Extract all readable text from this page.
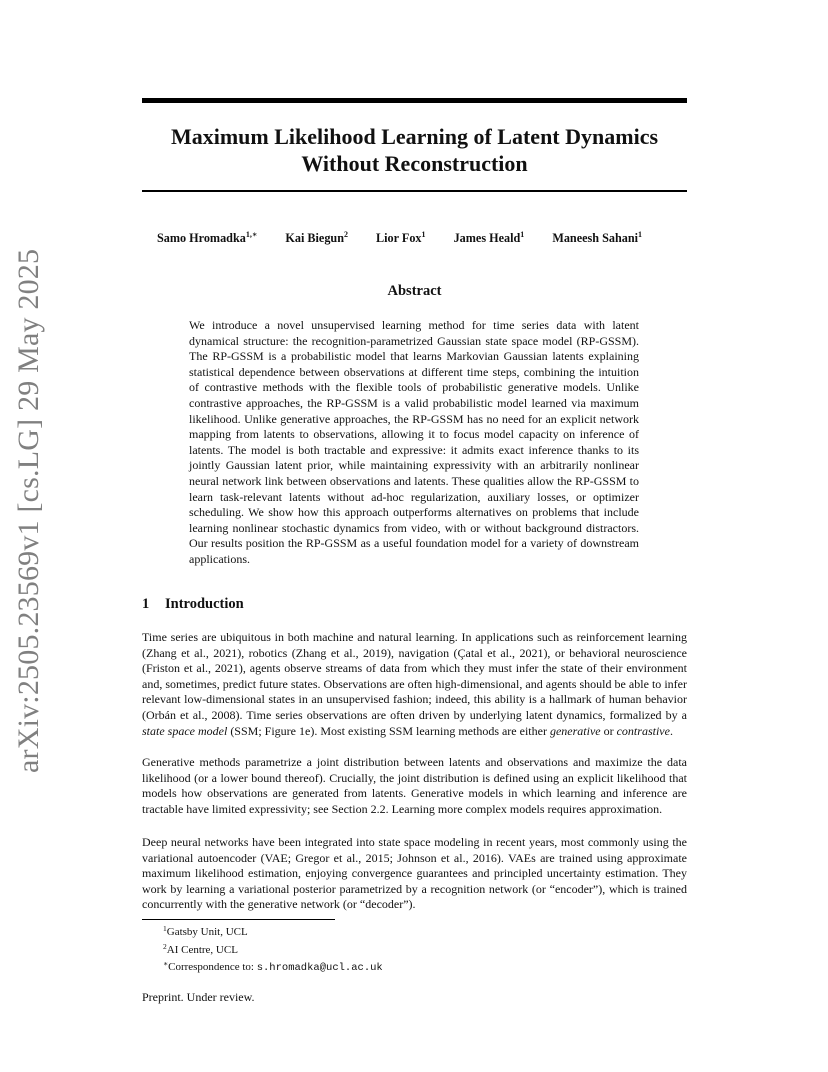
arXiv:2505.23569v1 [cs.LG] 29 May 2025
Maximum Likelihood Learning of Latent Dynamics
Without Reconstruction
Samo Hromadka$^{1,∗}$ Kai Biegun$^2$ Lior Fox$^1$ James Heald$^1$ Maneesh Sahani$^1$
Abstract
We introduce a novel unsupervised learning method for time series data with latent dynamical structure: the recognition-parametrized Gaussian state space model (RP-GSSM). The RP-GSSM is a probabilistic model that learns Markovian Gaussian latents explaining statistical dependence between observations at different time steps, combining the intuition of contrastive methods with the flexible tools of probabilistic generative models. Unlike contrastive approaches, the RP-GSSM is a valid probabilistic model learned via maximum likelihood. Unlike generative approaches, the RP-GSSM has no need for an explicit network mapping from latents to observations, allowing it to focus model capacity on inference of latents. The model is both tractable and expressive: it admits exact inference thanks to its jointly Gaussian latent prior, while maintaining expressivity with an arbitrarily nonlinear neural network link between observations and latents. These qualities allow the RP-GSSM to learn task-relevant latents without ad-hoc regularization, auxiliary losses, or optimizer scheduling. We show how this approach outperforms alternatives on problems that include learning nonlinear stochastic dynamics from video, with or without background distractors. Our results position the RP-GSSM as a useful foundation model for a variety of downstream applications.
1 Introduction

Time series are ubiquitous in both machine and natural learning. In applications such as reinforcement learning (Zhang et al., 2021), robotics (Zhang et al., 2019), navigation (Çatal et al., 2021), or behavioral neuroscience (Friston et al., 2021), agents observe streams of data from which they must infer the state of their environment and, sometimes, predict future states. Observations are often high-dimensional, and agents should be able to infer relevant low-dimensional states in an unsupervised fashion; indeed, this ability is a hallmark of human behavior (Orbán et al., 2008). Time series observations are often driven by underlying latent dynamics, formalized by a state space model (SSM; Figure 1e). Most existing SSM learning methods are either generative or contrastive.

Generative methods parametrize a joint distribution between latents and observations and maximize the data likelihood (or a lower bound thereof). Crucially, the joint distribution is defined using an explicit likelihood that models how observations are generated from latents. Generative models in which learning and inference are tractable have limited expressivity; see Section 2.2. Learning more complex models requires approximation.

Deep neural networks have been integrated into state space modeling in recent years, most commonly using the variational autoencoder (VAE; Gregor et al., 2015; Johnson et al., 2016). VAEs are trained using approximate maximum likelihood estimation, enjoying convergence guarantees and principled uncertainty estimation. They work by learning a variational posterior parametrized by a recognition network (or “encoder”), which is trained concurrently with the generative network (or “decoder”).

$^1$Gatsby Unit, UCL
$^2$AI Centre, UCL
∗Correspondence to: s.hromadka@ucl.ac.uk
Preprint. Under review.
